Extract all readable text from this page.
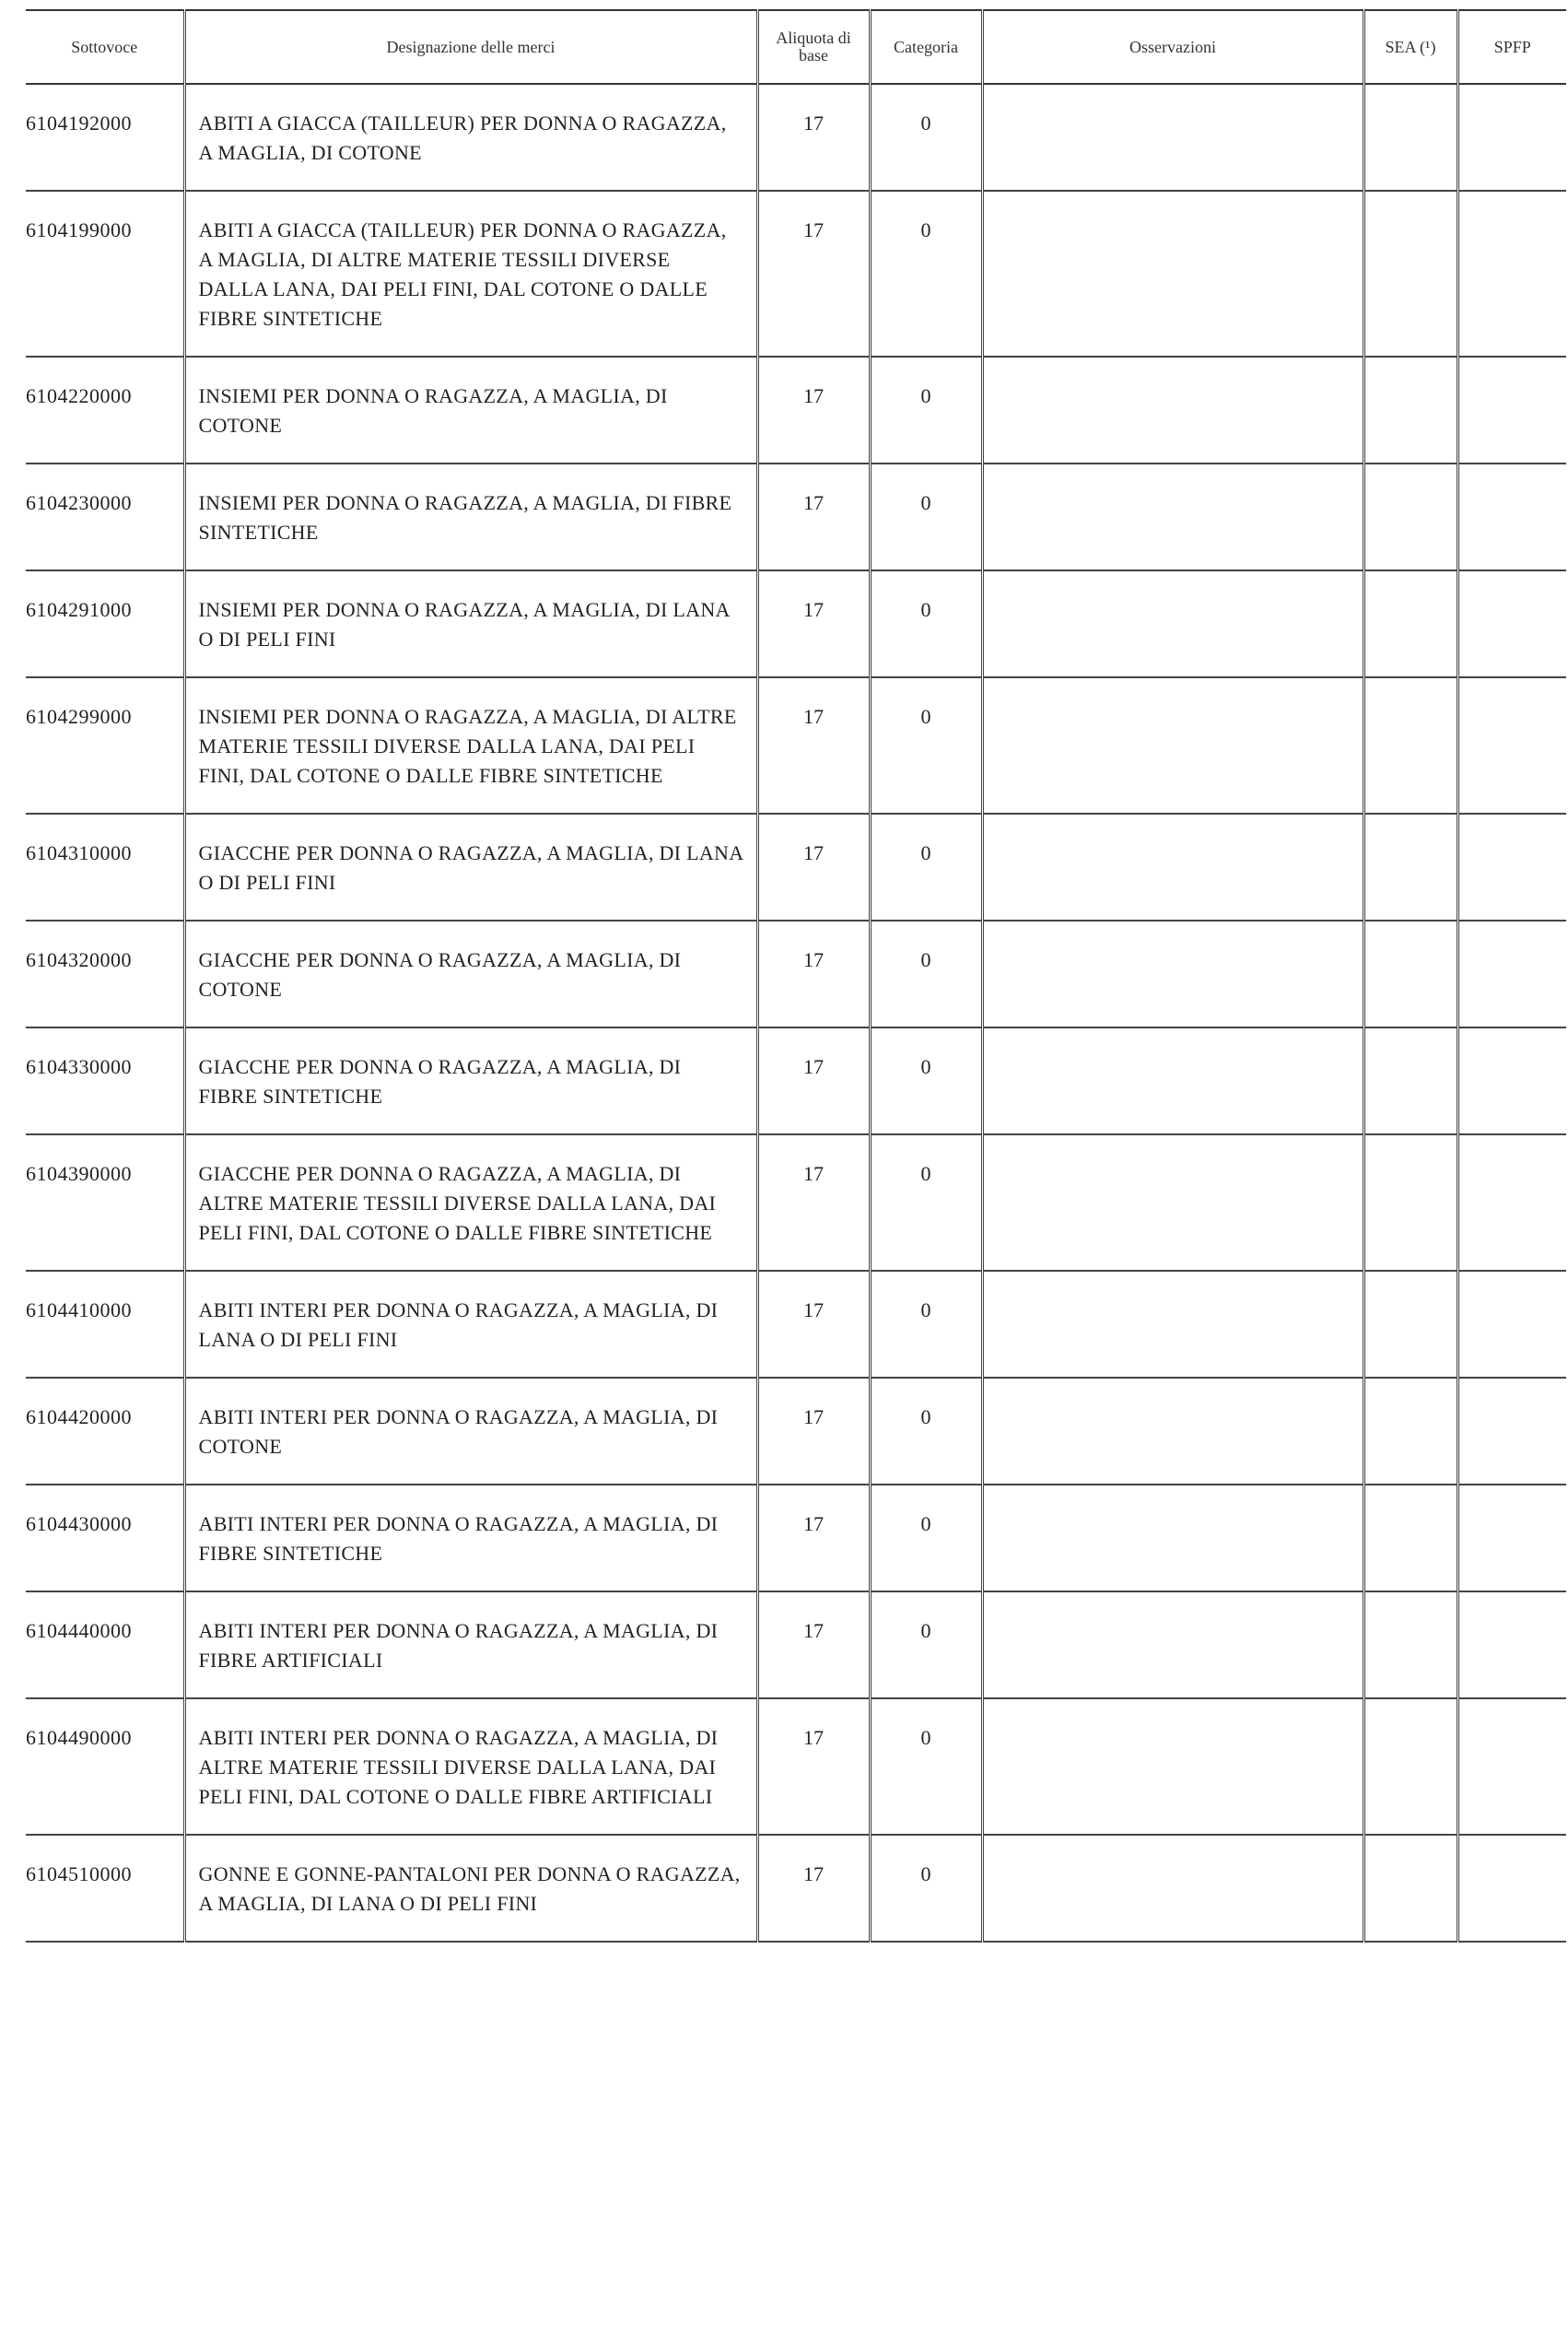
Sottovoce	Designazione delle merci	Aliquota di base	Categoria	Osservazioni	SEA (¹)	SPFP
6104192000	ABITI A GIACCA (TAILLEUR) PER DONNA O RAGAZZA, A MAGLIA, DI COTONE	17	0			
6104199000	ABITI A GIACCA (TAILLEUR) PER DONNA O RAGAZZA, A MAGLIA, DI ALTRE MATERIE TESSILI DIVERSE DALLA LANA, DAI PELI FINI, DAL COTONE O DALLE FIBRE SINTETICHE	17	0			
6104220000	INSIEMI PER DONNA O RAGAZZA, A MAGLIA, DI COTONE	17	0			
6104230000	INSIEMI PER DONNA O RAGAZZA, A MAGLIA, DI FIBRE SINTETICHE	17	0			
6104291000	INSIEMI PER DONNA O RAGAZZA, A MAGLIA, DI LANA O DI PELI FINI	17	0			
6104299000	INSIEMI PER DONNA O RAGAZZA, A MAGLIA, DI ALTRE MATERIE TESSILI DIVERSE DALLA LANA, DAI PELI FINI, DAL COTONE O DALLE FIBRE SINTETICHE	17	0			
6104310000	GIACCHE PER DONNA O RAGAZZA, A MAGLIA, DI LANA O DI PELI FINI	17	0			
6104320000	GIACCHE PER DONNA O RAGAZZA, A MAGLIA, DI COTONE	17	0			
6104330000	GIACCHE PER DONNA O RAGAZZA, A MAGLIA, DI FIBRE SINTETICHE	17	0			
6104390000	GIACCHE PER DONNA O RAGAZZA, A MAGLIA, DI ALTRE MATERIE TESSILI DIVERSE DALLA LANA, DAI PELI FINI, DAL COTONE O DALLE FIBRE SINTETICHE	17	0			
6104410000	ABITI INTERI PER DONNA O RAGAZZA, A MAGLIA, DI LANA O DI PELI FINI	17	0			
6104420000	ABITI INTERI PER DONNA O RAGAZZA, A MAGLIA, DI COTONE	17	0			
6104430000	ABITI INTERI PER DONNA O RAGAZZA, A MAGLIA, DI FIBRE SINTETICHE	17	0			
6104440000	ABITI INTERI PER DONNA O RAGAZZA, A MAGLIA, DI FIBRE ARTIFICIALI	17	0			
6104490000	ABITI INTERI PER DONNA O RAGAZZA, A MAGLIA, DI ALTRE MATERIE TESSILI DIVERSE DALLA LANA, DAI PELI FINI, DAL COTONE O DALLE FIBRE ARTIFICIALI	17	0			
6104510000	GONNE E GONNE-PANTALONI PER DONNA O RAGAZZA, A MAGLIA, DI LANA O DI PELI FINI	17	0			
